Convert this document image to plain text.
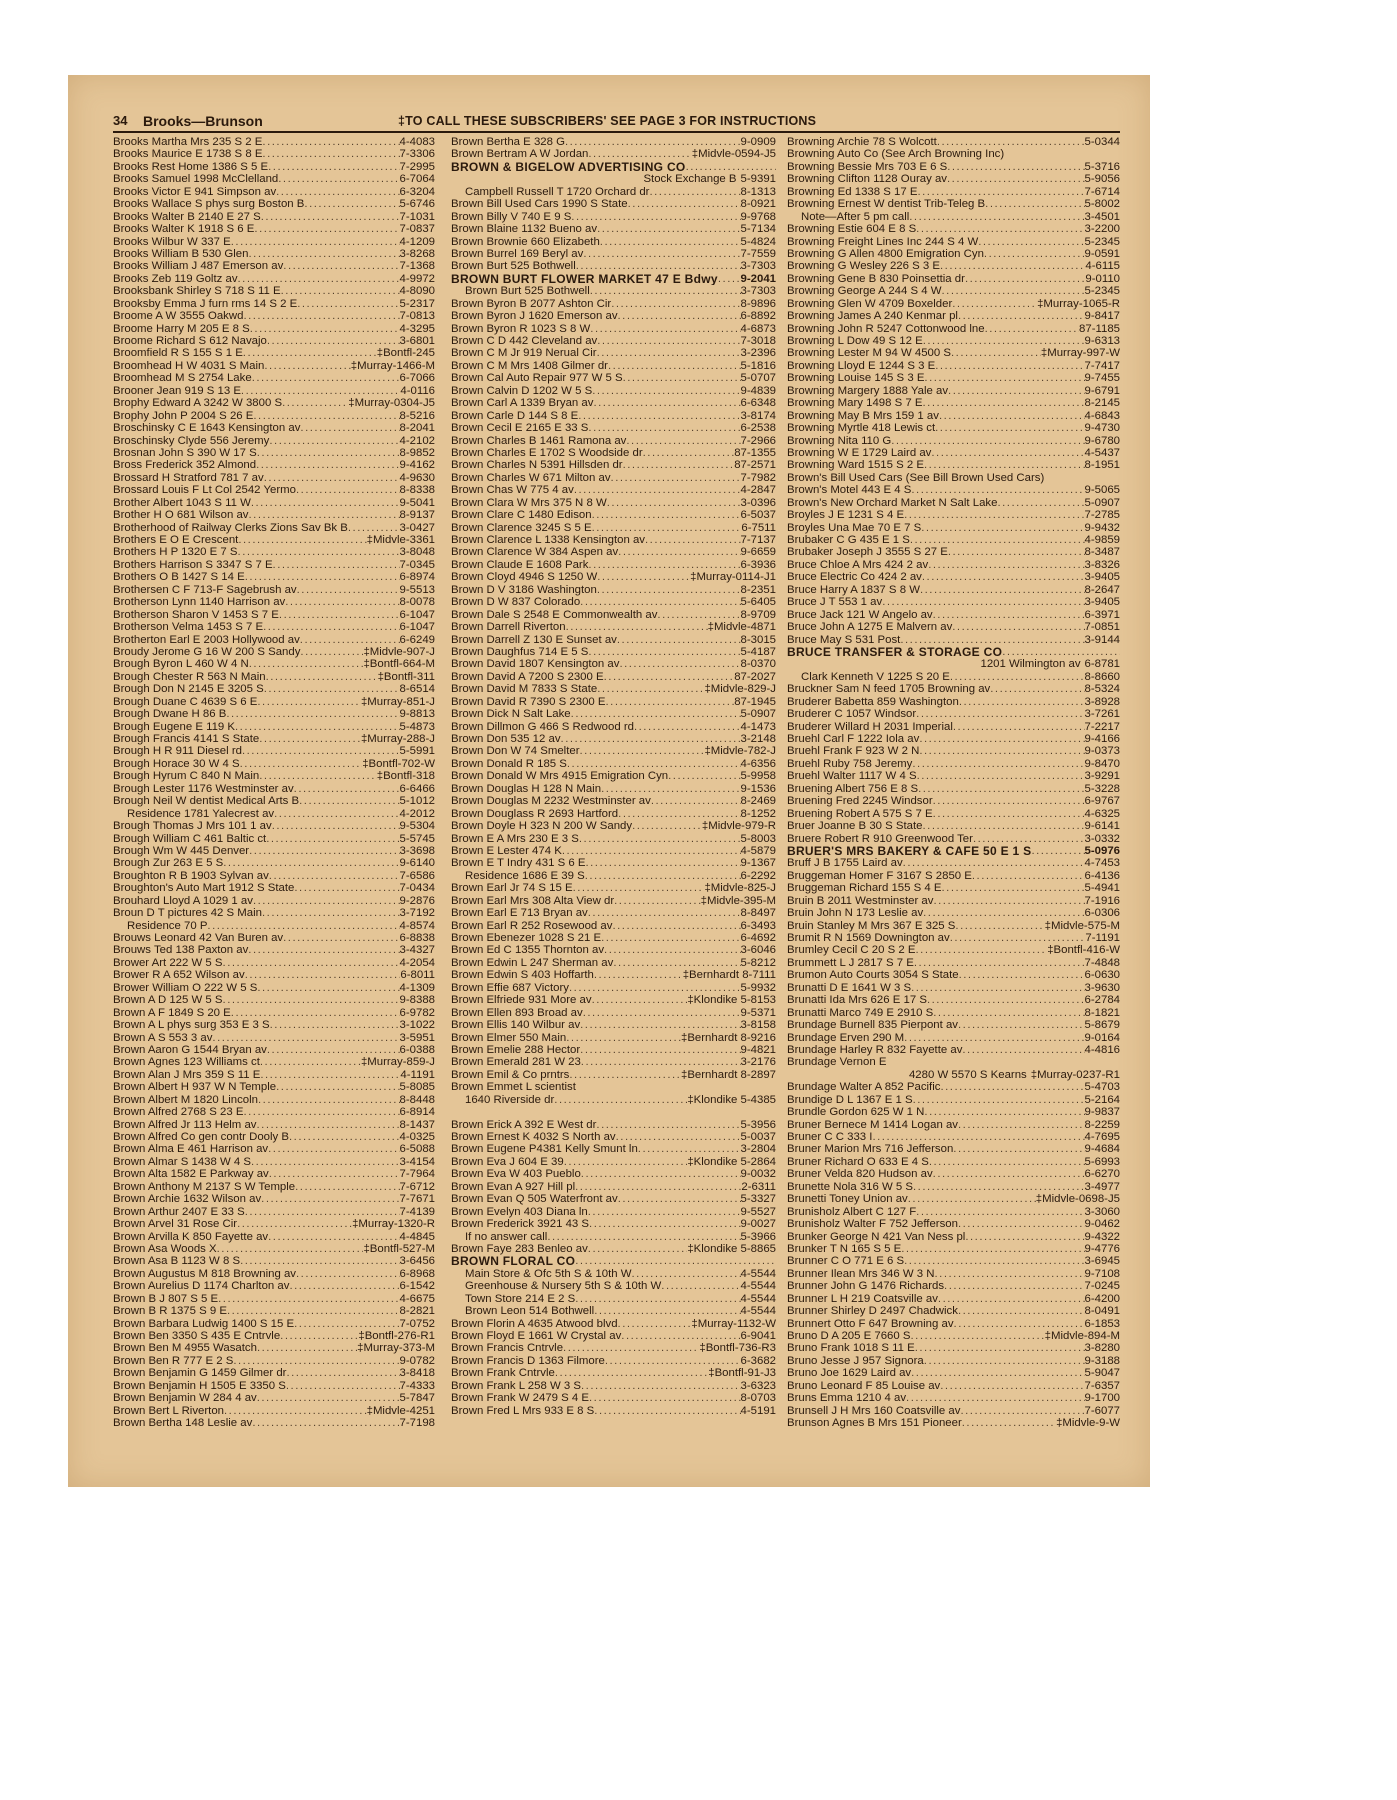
34 Brooks—Brunson	‡TO CALL THESE SUBSCRIBERS' SEE PAGE 3 FOR INSTRUCTIONS
Brooks Martha Mrs 235 S 2 E .....	4-4083
Brooks Maurice E 1738 S 8 E .....	7-3306
Brooks Rest Home 1386 S 5 E .....	7-2995
Brooks Samuel 1998 McClelland .....	6-7064
Brooks Victor E 941 Simpson av .....	6-3204
Brooks Wallace S phys surg Boston B .....	5-6746
Brooks Walter B 2140 E 27 S .....	7-1031
Brooks Walter K 1918 S 6 E .....	7-0837
Brooks Wilbur W 337 E .....	4-1209
Brooks William B 530 Glen .....	3-8268
Brooks William J 487 Emerson av .....	7-1368
Brooks Zeb 119 Goltz av .....	4-9972
Brooksbank Shirley S 718 S 11 E .....	4-8090
Brooksby Emma J furn rms 14 S 2 E .....	5-2317
Broome A W 3555 Oakwd .....	7-0813
Broome Harry M 205 E 8 S .....	4-3295
Broome Richard S 612 Navajo .....	3-6801
Broomfield R S 155 S 1 E .....	‡Bontfl-245
Broomhead H W 4031 S Main .....	‡Murray-1466-M
Broomhead M S 2754 Lake .....	6-7066
Brooner Jean 919 S 13 E .....	4-0116
Brophy Edward A 3242 W 3800 S .....	‡Murray-0304-J5
Brophy John P 2004 S 26 E .....	8-5216
Broschinsky C E 1643 Kensington av .....	8-2041
Broschinsky Clyde 556 Jeremy .....	4-2102
Brosnan John S 390 W 17 S .....	8-9852
Bross Frederick 352 Almond .....	9-4162
Brossard H Stratford 781 7 av .....	4-9630
Brossard Louis F Lt Col 2542 Yermo .....	8-8338
Brother Albert 1043 S 11 W .....	9-5041
Brother H O 681 Wilson av .....	8-9137
Brotherhood of Railway Clerks Zions Sav Bk B .....	3-0427
Brothers E O E Crescent .....	‡Midvle-3361
Brothers H P 1320 E 7 S .....	3-8048
Brothers Harrison S 3347 S 7 E .....	7-0345
Brothers O B 1427 S 14 E .....	6-8974
Brothersen C F 713-F Sagebrush av .....	9-5513
Brotherson Lynn 1140 Harrison av .....	8-0078
Brotherson Sharon V 1453 S 7 E .....	6-1047
Brotherson Velma 1453 S 7 E .....	6-1047
Brotherton Earl E 2003 Hollywood av .....	6-6249
Broudy Jerome G 16 W 200 S Sandy .....	‡Midvle-907-J
Brough Byron L 460 W 4 N .....	‡Bontfl-664-M
Brough Chester R 563 N Main .....	‡Bontfl-311
Brough Don N 2145 E 3205 S .....	8-6514
Brough Duane C 4639 S 6 E .....	‡Murray-851-J
Brough Dwane H 86 B .....	9-8813
Brough Eugene E 119 K .....	5-4873
Brough Francis 4141 S State .....	‡Murray-288-J
Brough H R 911 Diesel rd .....	5-5991
Brough Horace 30 W 4 S .....	‡Bontfl-702-W
Brough Hyrum C 840 N Main .....	‡Bontfl-318
Brough Lester 1176 Westminster av .....	6-6466
Brough Neil W dentist Medical Arts B .....	5-1012
Residence 1781 Yalecrest av .....	4-2012
Brough Thomas J Mrs 101 1 av .....	9-5304
Brough William C 461 Baltic ct .....	5-5745
Brough Wm W 445 Denver .....	3-3698
Brough Zur 263 E 5 S .....	9-6140
Broughton R B 1903 Sylvan av .....	7-6586
Broughton's Auto Mart 1912 S State .....	7-0434
Brouhard Lloyd A 1029 1 av .....	9-2876
Broun D T pictures 42 S Main .....	3-7192
Residence 70 P .....	4-8574
Brouws Leonard 42 Van Buren av .....	6-8838
Brouws Ted 138 Paxton av .....	3-4327
Brower Art 222 W 5 S .....	4-2054
Brower R A 652 Wilson av .....	6-8011
Brower William O 222 W 5 S .....	4-1309
Brown A D 125 W 5 S .....	9-8388
Brown A F 1849 S 20 E .....	6-9782
Brown A L phys surg 353 E 3 S .....	3-1022
Brown A S 553 3 av .....	3-5951
Brown Aaron G 1544 Bryan av .....	6-0388
Brown Agnes 123 Williams ct .....	‡Murray-859-J
Brown Alan J Mrs 359 S 11 E .....	4-1191
Brown Albert H 937 W N Temple .....	5-8085
Brown Albert M 1820 Lincoln .....	8-8448
Brown Alfred 2768 S 23 E .....	6-8914
Brown Alfred Jr 113 Helm av .....	8-1437
Brown Alfred Co gen contr Dooly B .....	4-0325
Brown Alma E 461 Harrison av .....	6-5088
Brown Almar S 1438 W 4 S .....	3-4154
Brown Alta 1582 E Parkway av .....	7-7964
Brown Anthony M 2137 S W Temple .....	7-6712
Brown Archie 1632 Wilson av .....	7-7671
Brown Arthur 2407 E 33 S .....	7-4139
Brown Arvel 31 Rose Cir .....	‡Murray-1320-R
Brown Arvilla K 850 Fayette av .....	4-4845
Brown Asa Woods X .....	‡Bontfl-527-M
Brown Asa B 1123 W 8 S .....	3-6456
Brown Augustus M 818 Browning av .....	6-8968
Brown Aurelius D 1174 Charlton av .....	6-1542
Brown B J 807 S 5 E .....	4-6675
Brown B R 1375 S 9 E .....	8-2821
Brown Barbara Ludwig 1400 S 15 E .....	7-0752
Brown Ben 3350 S 435 E Cntrvle .....	‡Bontfl-276-R1
Brown Ben M 4955 Wasatch .....	‡Murray-373-M
Brown Ben R 777 E 2 S .....	9-0782
Brown Benjamin G 1459 Gilmer dr .....	3-8418
Brown Benjamin H 1505 E 3350 S .....	7-4333
Brown Benjamin W 284 4 av .....	5-7847
Brown Bert L Riverton .....	‡Midvle-4251
Brown Bertha 148 Leslie av .....	7-7198
Brown Bertha E 328 G .....	9-0909
Brown Bertram A W Jordan .....	‡Midvle-0594-J5
BROWN & BIGELOW ADVERTISING CO
.....
Stock Exchange B 5-9391
Campbell Russell T 1720 Orchard dr .....	8-1313
Brown Bill Used Cars 1990 S State .....	8-0921
Brown Billy V 740 E 9 S .....	9-9768
Brown Blaine 1132 Bueno av .....	5-7134
Brown Brownie 660 Elizabeth .....	5-4824
Brown Burrel 169 Beryl av .....	7-7559
Brown Burt 525 Bothwell .....	3-7303
BROWN BURT FLOWER MARKET 47 E Bdwy ..... 9-2041
Brown Burt 525 Bothwell .....	3-7303
Brown Byron B 2077 Ashton Cir .....	8-9896
Brown Byron J 1620 Emerson av .....	6-8892
Brown Byron R 1023 S 8 W .....	4-6873
Brown C D 442 Cleveland av .....	7-3018
Brown C M Jr 919 Nerual Cir .....	3-2396
Brown C M Mrs 1408 Gilmer dr .....	5-1816
Brown Cal Auto Repair 977 W 5 S .....	5-0707
Brown Calvin D 1202 W 5 S .....	9-4839
Brown Carl A 1339 Bryan av .....	6-6348
Brown Carle D 144 S 8 E .....	3-8174
Brown Cecil E 2165 E 33 S .....	6-2538
Brown Charles B 1461 Ramona av .....	7-2966
Brown Charles E 1702 S Woodside dr .....	87-1355
Brown Charles N 5391 Hillsden dr .....	87-2571
Brown Charles W 671 Milton av .....	7-7982
Brown Chas W 775 4 av .....	4-2847
Brown Clara W Mrs 375 N 8 W .....	3-0396
Brown Clare C 1480 Edison .....	6-5037
Brown Clarence 3245 S 5 E .....	6-7511
Brown Clarence L 1338 Kensington av .....	7-7137
Brown Clarence W 384 Aspen av .....	9-6659
Brown Claude E 1608 Park .....	6-3936
Brown Cloyd 4946 S 1250 W .....	‡Murray-0114-J1
Brown D V 3186 Washington .....	8-2351
Brown D W 837 Colorado .....	5-6405
Brown Dale S 2548 E Commonwealth av .....	8-9709
Brown Darrell Riverton .....	‡Midvle-4871
Brown Darrell Z 130 E Sunset av .....	8-3015
Brown Daughfus 714 E 5 S .....	5-4187
Brown David 1807 Kensington av .....	8-0370
Brown David A 7200 S 2300 E .....	87-2027
Brown David M 7833 S State .....	‡Midvle-829-J
Brown David R 7390 S 2300 E .....	87-1945
Brown Dick N Salt Lake .....	5-0907
Brown Dillmon G 466 S Redwood rd .....	4-1473
Brown Don 535 12 av .....	3-2148
Brown Don W 74 Smelter .....	‡Midvle-782-J
Brown Donald R 185 S .....	4-6356
Brown Donald W Mrs 4915 Emigration Cyn .....	5-9958
Brown Douglas H 128 N Main .....	9-1536
Brown Douglas M 2232 Westminster av .....	8-2469
Brown Douglass R 2693 Hartford .....	8-1252
Brown Doyle H 323 N 200 W Sandy .....	‡Midvle-979-R
Brown E A Mrs 230 E 3 S .....	5-8003
Brown E Lester 474 K .....	4-5879
Brown E T Indry 431 S 6 E .....	9-1367
Residence 1686 E 39 S .....	6-2292
Brown Earl Jr 74 S 15 E .....	‡Midvle-825-J
Brown Earl Mrs 308 Alta View dr .....	‡Midvle-395-M
Brown Earl E 713 Bryan av .....	8-8497
Brown Earl R 252 Rosewood av .....	6-3493
Brown Ebenezer 1028 S 21 E .....	6-4692
Brown Ed C 1355 Thornton av .....	3-6046
Brown Edwin L 247 Sherman av .....	5-8212
Brown Edwin S 403 Hoffarth .....	‡Bernhardt 8-7111
Brown Effie 687 Victory .....	5-9932
Brown Elfriede 931 More av .....	‡Klondike 5-8153
Brown Ellen 893 Broad av .....	9-5371
Brown Ellis 140 Wilbur av .....	3-8158
Brown Elmer 550 Main .....	‡Bernhardt 8-9216
Brown Emelie 288 Hector .....	9-4821
Brown Emerald 281 W 23 .....	3-2176
Brown Emil & Co prntrs .....	‡Bernhardt 8-2897
Brown Emmet L scientist
1640 Riverside dr .....	‡Klondike 5-4385
Brown Erick A 392 E West dr .....	5-3956
Brown Ernest K 4032 S North av .....	5-0037
Brown Eugene P4381 Kelly Smunt ln .....	3-2804
Brown Eva J 604 E 39 .....	‡Klondike 5-2864
Brown Eva W 403 Pueblo .....	9-0032
Brown Evan A 927 Hill pl .....	2-6311
Brown Evan Q 505 Waterfront av .....	5-3327
Brown Evelyn 403 Diana ln .....	9-5527
Brown Frederick 3921 43 S .....	9-0027
If no answer call .....	5-3966
Brown Faye 283 Benleo av .....	‡Klondike 5-8865
BROWN FLORAL CO
.....
Main Store & Ofc 5th S & 10th W .....	4-5544
Greenhouse & Nursery 5th S & 10th W .....	4-5544
Town Store 214 E 2 S .....	4-5544
Brown Leon 514 Bothwell .....	4-5544
Brown Florin A 4635 Atwood blvd .....	‡Murray-1132-W
Brown Floyd E 1661 W Crystal av .....	6-9041
Brown Francis Cntrvle .....	‡Bontfl-736-R3
Brown Francis D 1363 Filmore .....	6-3682
Brown Frank Cntrvle .....	‡Bontfl-91-J3
Brown Frank L 258 W 3 S .....	3-6323
Brown Frank W 2479 S 4 E .....	8-0703
Brown Fred L Mrs 933 E 8 S .....	4-5191
Browning Archie 78 S Wolcott .....	5-0344
Browning Auto Co (See Arch Browning Inc)
Browning Bessie Mrs 703 E 6 S .....	5-3716
Browning Clifton 1128 Ouray av .....	5-9056
Browning Ed 1338 S 17 E .....	7-6714
Browning Ernest W dentist Trib-Teleg B .....	5-8002
Note—After 5 pm call .....	3-4501
Browning Estie 604 E 8 S .....	3-2200
Browning Freight Lines Inc 244 S 4 W .....	5-2345
Browning G Allen 4800 Emigration Cyn .....	9-0591
Browning G Wesley 226 S 3 E .....	4-6115
Browning Gene B 830 Poinsettia dr .....	9-0110
Browning George A 244 S 4 W .....	5-2345
Browning Glen W 4709 Boxelder .....	‡Murray-1065-R
Browning James A 240 Kenmar pl .....	9-8417
Browning John R 5247 Cottonwood lne .....	87-1185
Browning L Dow 49 S 12 E .....	9-6313
Browning Lester M 94 W 4500 S .....	‡Murray-997-W
Browning Lloyd E 1244 S 3 E .....	7-7417
Browning Louise 145 S 3 E .....	9-7455
Browning Margery 1888 Yale av .....	9-6791
Browning Mary 1498 S 7 E .....	8-2145
Browning May B Mrs 159 1 av .....	4-6843
Browning Myrtle 418 Lewis ct .....	9-4730
Browning Nita 110 G .....	9-6780
Browning W E 1729 Laird av .....	4-5437
Browning Ward 1515 S 2 E .....	8-1951
Brown's Bill Used Cars (See Bill Brown Used Cars)
Brown's Motel 443 E 4 S .....	9-5065
Brown's New Orchard Market N Salt Lake .....	5-0907
Broyles J E 1231 S 4 E .....	7-2785
Broyles Una Mae 70 E 7 S .....	9-9432
Brubaker C G 435 E 1 S .....	4-9859
Brubaker Joseph J 3555 S 27 E .....	8-3487
Bruce Chloe A Mrs 424 2 av .....	3-8326
Bruce Electric Co 424 2 av .....	3-9405
Bruce Harry A 1837 S 8 W .....	8-2647
Bruce J T 553 1 av .....	3-9405
Bruce Jack 121 W Angelo av .....	6-3971
Bruce John A 1275 E Malvern av .....	7-0851
Bruce May S 531 Post .....	3-9144
BRUCE TRANSFER & STORAGE CO
.....
1201 Wilmington av 6-8781
Clark Kenneth V 1225 S 20 E .....	8-8660
Bruckner Sam N feed 1705 Browning av .....	8-5324
Bruderer Babetta 859 Washington .....	3-8928
Bruderer C 1057 Windsor .....	3-7261
Bruderer Willard H 2031 Imperial .....	7-2217
Bruehl Carl F 1222 Iola av .....	9-4166
Bruehl Frank F 923 W 2 N .....	9-0373
Bruehl Ruby 758 Jeremy .....	9-8470
Bruehl Walter 1117 W 4 S .....	3-9291
Bruening Albert 756 E 8 S .....	5-3228
Bruening Fred 2245 Windsor .....	6-9767
Bruening Robert A 575 S 7 E .....	4-6325
Bruer Joanne B 30 S State .....	9-6141
Bruere Robert R 910 Greenwood Ter .....	3-0332
BRUER'S MRS BAKERY & CAFE 50 E 1 S .....	5-0976
Bruff J B 1755 Laird av .....	4-7453
Bruggeman Homer F 3167 S 2850 E .....	6-4136
Bruggeman Richard 155 S 4 E .....	5-4941
Bruin B 2011 Westminster av .....	7-1916
Bruin John N 173 Leslie av .....	6-0306
Bruin Stanley M Mrs 367 E 325 S .....	‡Midvle-575-M
Brumit R N 1569 Downington av .....	7-1191
Brumley Cecil C 20 S 2 E .....	‡Bontfl-416-W
Brummett L J 2817 S 7 E .....	7-4848
Brumon Auto Courts 3054 S State .....	6-0630
Brunatti D E 1641 W 3 S .....	3-9630
Brunatti Ida Mrs 626 E 17 S .....	6-2784
Brunatti Marco 749 E 2910 S .....	8-1821
Brundage Burnell 835 Pierpont av .....	5-8679
Brundage Erven 290 M .....	9-0164
Brundage Harley R 832 Fayette av .....	4-4816
Brundage Vernon E
4280 W 5570 S Kearns ‡Murray-0237-R1
Brundage Walter A 852 Pacific .....	5-4703
Brundige D L 1367 E 1 S .....	5-2164
Brundle Gordon 625 W 1 N .....	9-9837
Bruner Bernece M 1414 Logan av .....	8-2259
Bruner C C 333 I .....	4-7695
Bruner Marion Mrs 716 Jefferson .....	9-4684
Bruner Richard O 633 E 4 S .....	5-6993
Bruner Velda 820 Hudson av .....	6-6270
Brunette Nola 316 W 5 S .....	3-4977
Brunetti Toney Union av .....	‡Midvle-0698-J5
Brunisholz Albert C 127 F .....	3-3060
Brunisholz Walter F 752 Jefferson .....	9-0462
Brunker George N 421 Van Ness pl .....	9-4322
Brunker T N 165 S 5 E .....	9-4776
Brunner C O 771 E 6 S .....	3-6945
Brunner Ilean Mrs 346 W 3 N .....	9-7108
Brunner John G 1476 Richards .....	7-0245
Brunner L H 219 Coatsville av .....	6-4200
Brunner Shirley D 2497 Chadwick .....	8-0491
Brunnert Otto F 647 Browning av .....	6-1853
Bruno D A 205 E 7660 S .....	‡Midvle-894-M
Bruno Frank 1018 S 11 E .....	3-8280
Bruno Jesse J 957 Signora .....	9-3188
Bruno Joe 1629 Laird av .....	5-9047
Bruno Leonard F 85 Louise av .....	7-6357
Bruns Emma 1210 4 av .....	9-1700
Brunsell J H Mrs 160 Coatsville av .....	7-6077
Brunson Agnes B Mrs 151 Pioneer .....	‡Midvle-9-W
